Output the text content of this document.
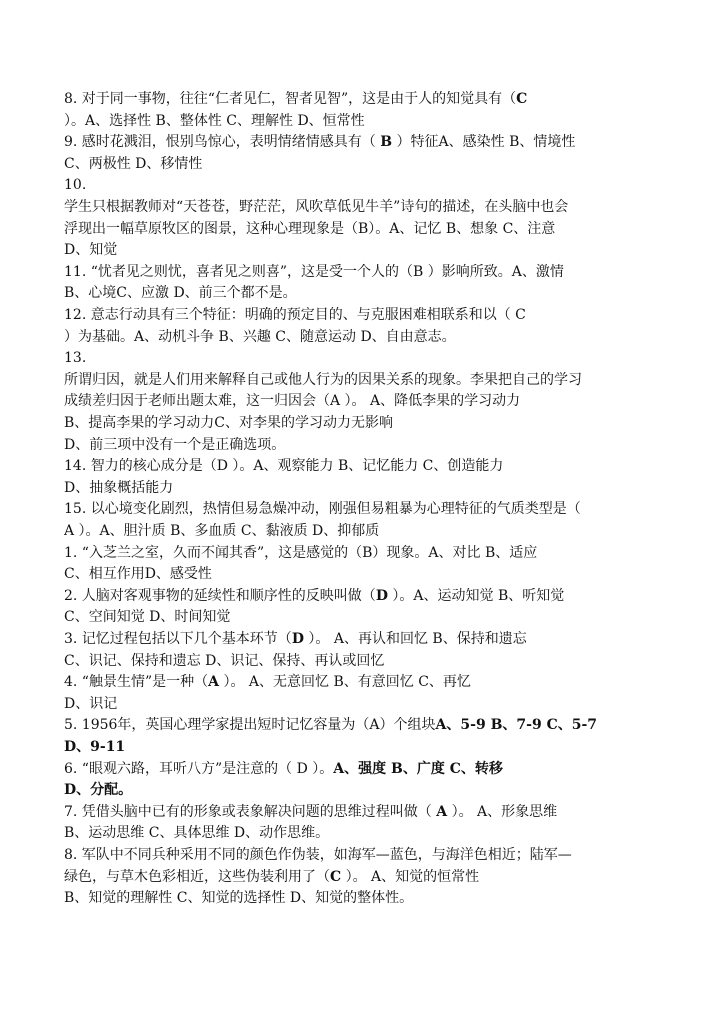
8. 对于同一事物，往往“仁者见仁，智者见智”，这是由于人的知觉具有（C
）。A、选择性 B、整体性 C、理解性 D、恒常性
9. 感时花溅泪，恨别鸟惊心，表明情绪情感具有（ B ）特征A、感染性 B、情境性
C、两极性 D、移情性
10.
学生只根据教师对“天苍苍，野茫茫，风吹草低见牛羊”诗句的描述，在头脑中也会
浮现出一幅草原牧区的图景，这种心理现象是（B）。A、记忆 B、想象 C、注意
D、知觉
11. “忧者见之则忧，喜者见之则喜”，这是受一个人的（B ）影响所致。A、激情
B、心境C、应激 D、前三个都不是。
12. 意志行动具有三个特征：明确的预定目的、与克服困难相联系和以（ C
）为基础。A、动机斗争 B、兴趣 C、随意运动 D、自由意志。
13.
所谓归因，就是人们用来解释自己或他人行为的因果关系的现象。李果把自己的学习
成绩差归因于老师出题太难，这一归因会（A ）。 A、降低李果的学习动力
B、提高李果的学习动力C、对李果的学习动力无影响
D、前三项中没有一个是正确选项。
14. 智力的核心成分是（D ）。A、观察能力 B、记忆能力 C、创造能力
D、抽象概括能力
15. 以心境变化剧烈，热情但易急燥冲动，刚强但易粗暴为心理特征的气质类型是（
A ）。A、胆汁质 B、多血质 C、黏液质 D、抑郁质
1. “入芝兰之室，久而不闻其香”，这是感觉的（B）现象。A、对比 B、适应
C、相互作用D、感受性
2. 人脑对客观事物的延续性和顺序性的反映叫做（D ）。A、运动知觉 B、听知觉
C、空间知觉 D、时间知觉
3. 记忆过程包括以下几个基本环节（D ）。 A、再认和回忆 B、保持和遗忘
C、识记、保持和遗忘 D、识记、保持、再认或回忆
4. “触景生情”是一种（A ）。 A、无意回忆 B、有意回忆 C、再忆
D、识记
5. 1956年，英国心理学家提出短时记忆容量为（A）个组块A、5-9 B、7-9 C、5-7
D、9-11
6. “眼观六路，耳听八方”是注意的（ D ）。A、强度 B、广度 C、转移
D、分配。
7. 凭借头脑中已有的形象或表象解决问题的思维过程叫做（ A ）。 A、形象思维
B、运动思维 C、具体思维 D、动作思维。
8. 军队中不同兵种采用不同的颜色作伪装，如海军—蓝色，与海洋色相近；陆军—
绿色，与草木色彩相近，这些伪装利用了（C ）。 A、知觉的恒常性
B、知觉的理解性 C、知觉的选择性 D、知觉的整体性。
